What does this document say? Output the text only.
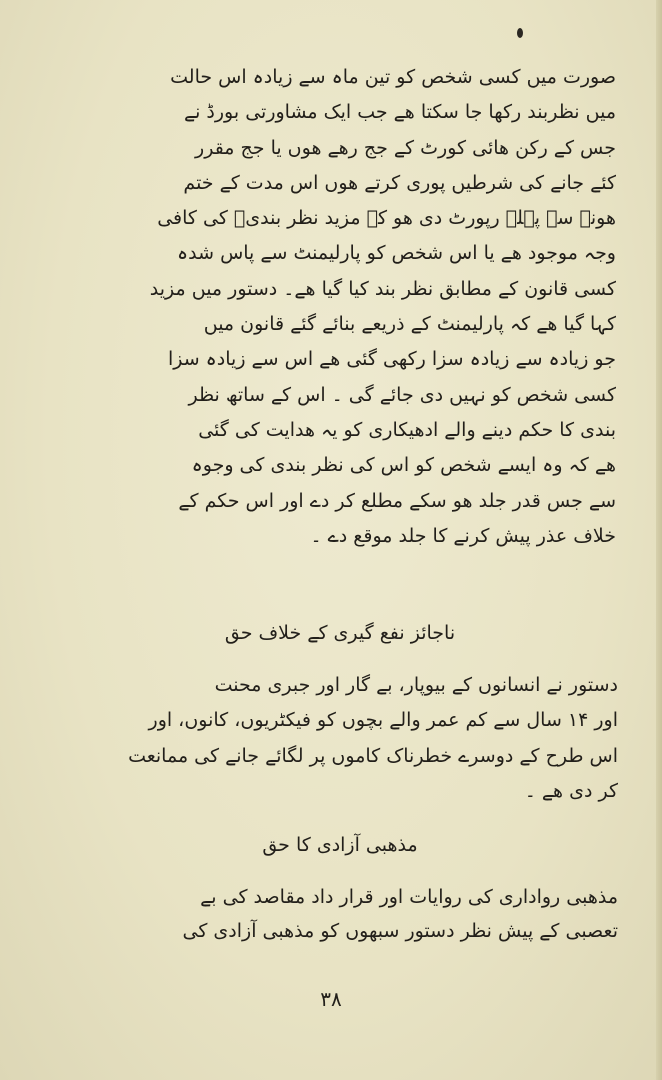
صورت میں کسی شخص کو تین ماہ سے زیادہ اس حالت
میں نظربند رکھا جا سکتا ھے جب ایک مشاورتی بورڈ نے
جس کے رکن ھائی کورٹ کے جج رھے ھوں یا جج مقرر
کئے جانے کی شرطیں پوری کرتے ھوں اس مدت کے ختم
ھونے سے پہلے رپورٹ دی ھو کہ مزید نظر بندیؔ کی کافی
وجہ موجود ھے یا اس شخص کو پارلیمنٹ سے پاس شدہ
کسی قانون کے مطابق نظر بند کیا گیا ھے۔ دستور میں مزید
کہا گیا ھے کہ پارلیمنٹ کے ذریعے بنائے گئے قانون میں
جو زیادہ سے زیادہ سزا رکھی گئی ھے اس سے زیادہ سزا
کسی شخص کو نہیں دی جائے گی ۔ اس کے ساتھ نظر
بندی کا حکم دینے والے ادھیکاری کو یہ ھدایت کی گئی
ھے کہ وہ ایسے شخص کو اس کی نظر بندی کی وجوہ
سے جس قدر جلد ھو سکے مطلع کر دے اور اس حکم کے
خلاف عذر پیش کرنے کا جلد موقع دے ۔
ناجائز نفع گیری کے خلاف حق
دستور نے انسانوں کے بیوپار، بے گار اور جبری محنت
اور ۱۴ سال سے کم عمر والے بچوں کو فیکٹریوں، کانوں، اور
اس طرح کے دوسرے خطرناک کاموں پر لگائے جانے کی ممانعت
کر دی ھے ۔
مذھبی آزادی کا حق
مذھبی رواداری کی روایات اور قرار داد مقاصد کی بے
تعصبی کے پیش نظر دستور سبھوں کو مذھبی آزادی کی
۳۸
